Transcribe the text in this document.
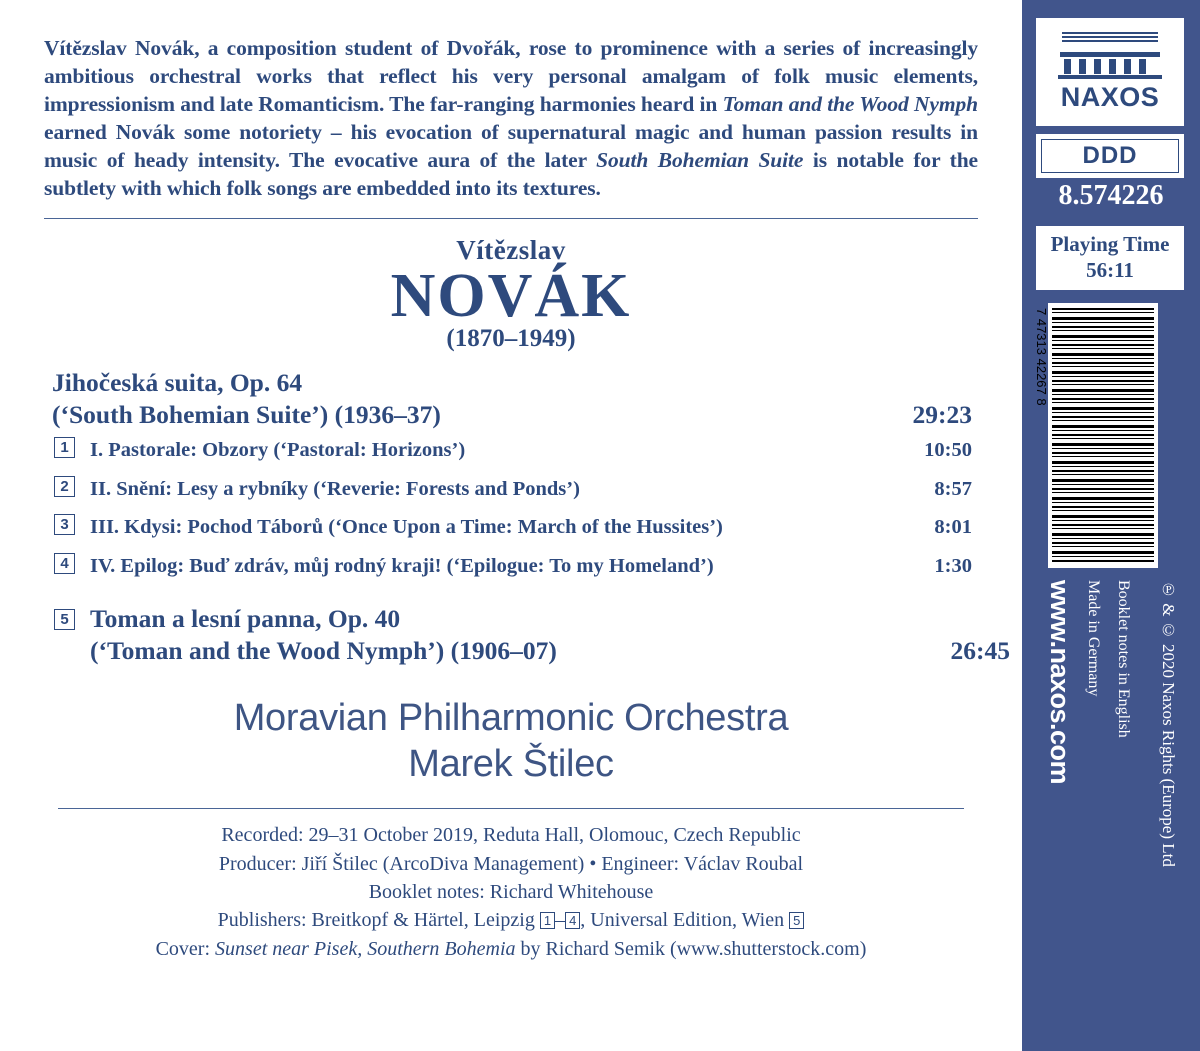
Vítězslav Novák, a composition student of Dvořák, rose to prominence with a series of increasingly ambitious orchestral works that reflect his very personal amalgam of folk music elements, impressionism and late Romanticism. The far-ranging harmonies heard in Toman and the Wood Nymph earned Novák some notoriety – his evocation of supernatural magic and human passion results in music of heady intensity. The evocative aura of the later South Bohemian Suite is notable for the subtlety with which folk songs are embedded into its textures.
Vítězslav
NOVÁK
(1870–1949)
Jihočeská suita, Op. 64
(‘South Bohemian Suite’) (1936–37)	29:23
1	I. Pastorale: Obzory (‘Pastoral: Horizons’)	10:50
2	II. Snění: Lesy a rybníky (‘Reverie: Forests and Ponds’)	8:57
3	III. Kdysi: Pochod Táborů (‘Once Upon a Time: March of the Hussites’)	8:01
4	IV. Epilog: Buď zdráv, můj rodný kraji! (‘Epilogue: To my Homeland’)	1:30
5 Toman a lesní panna, Op. 40
(‘Toman and the Wood Nymph’) (1906–07)	26:45
Moravian Philharmonic Orchestra
Marek Štilec
Recorded: 29–31 October 2019, Reduta Hall, Olomouc, Czech Republic
Producer: Jiří Štilec (ArcoDiva Management) • Engineer: Václav Roubal
Booklet notes: Richard Whitehouse
Publishers: Breitkopf & Härtel, Leipzig 1 – 4 , Universal Edition, Wien 5
Cover: Sunset near Pisek, Southern Bohemia by Richard Semik (www.shutterstock.com)
NAXOS
DDD
8.574226
Playing Time
56:11
7 47313 42267 8
www.naxos.com Made in Germany Booklet notes in English ℗ & © 2020 Naxos Rights (Europe) Ltd
